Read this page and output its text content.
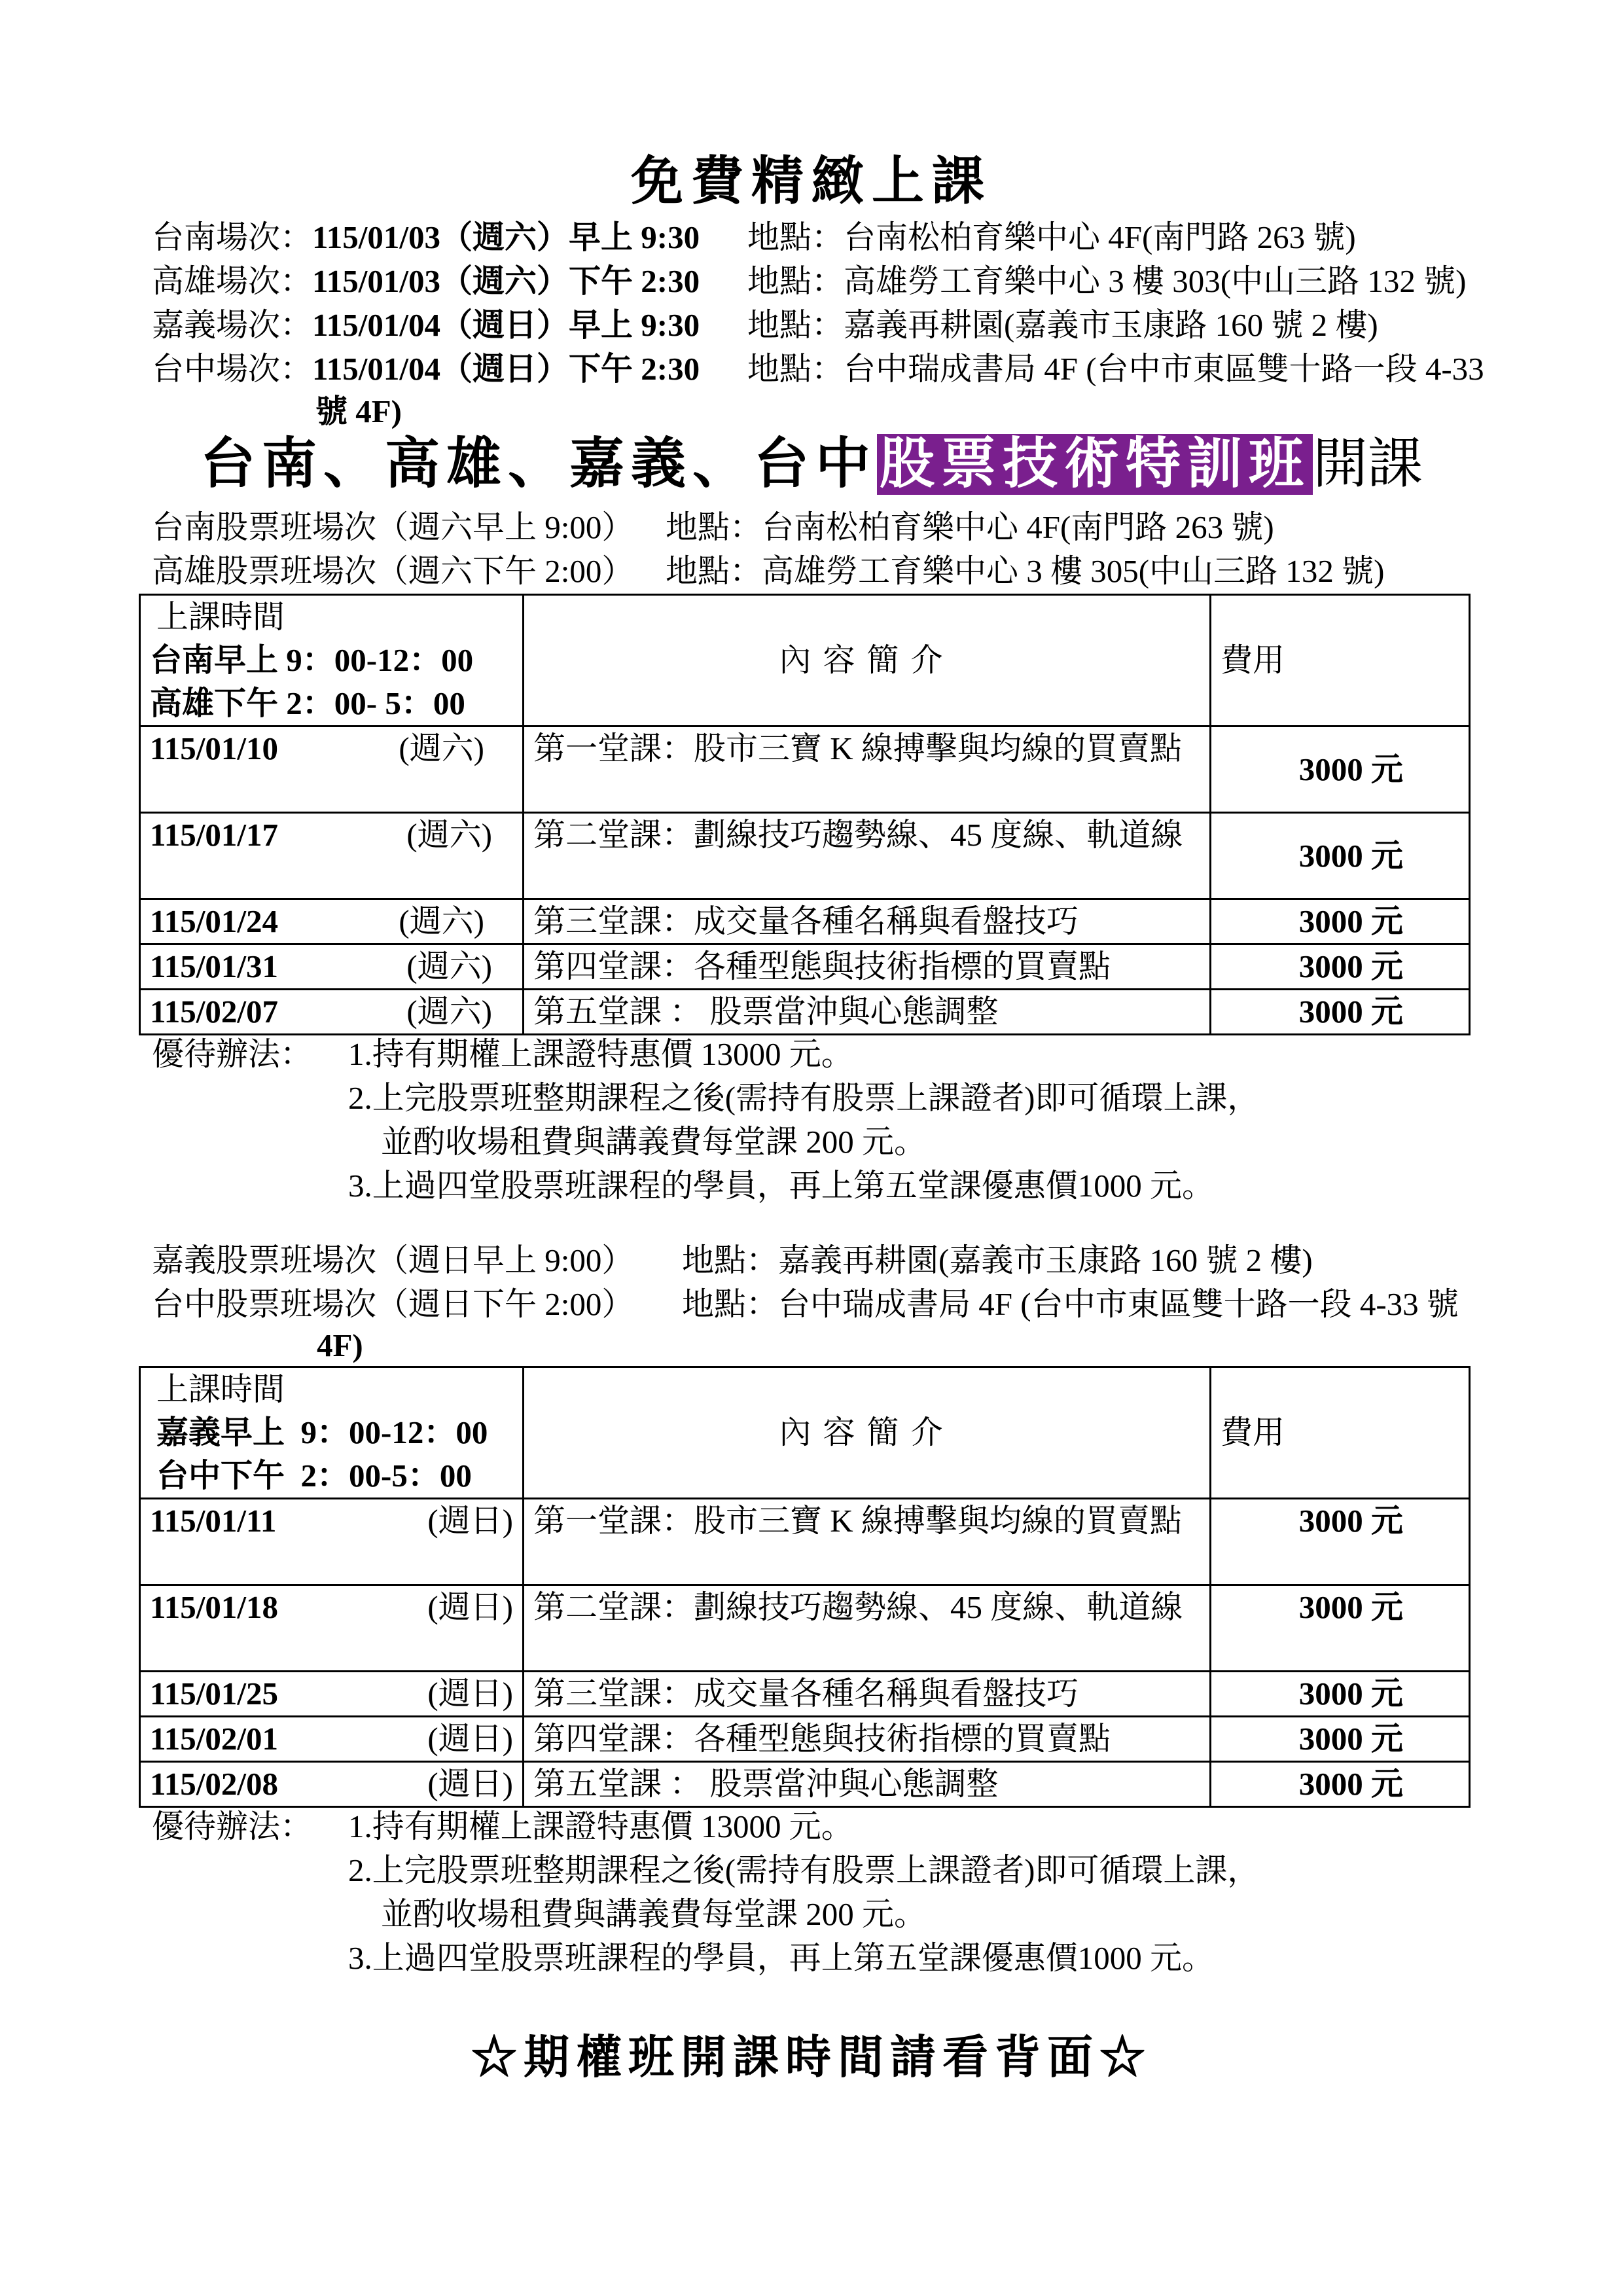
免費精緻上課
台南場次：115/01/03（週六）早上 9:30 地點：台南松柏育樂中心 4F(南門路 263 號)
高雄場次：115/01/03（週六）下午 2:30 地點：高雄勞工育樂中心 3 樓 303(中山三路 132 號)
嘉義場次：115/01/04（週日）早上 9:30 地點：嘉義再耕園(嘉義市玉康路 160 號 2 樓)
台中場次：115/01/04（週日）下午 2:30 地點：台中瑞成書局 4F (台中市東區雙十路一段 4-33
號 4F)
台南、高雄、嘉義、台中股票技術特訓班開課
台南股票班場次（週六早上 9:00） 地點：台南松柏育樂中心 4F(南門路 263 號)
高雄股票班場次（週六下午 2:00） 地點：高雄勞工育樂中心 3 樓 305(中山三路 132 號)
上課時間
台南早上 9：00-12：00
高雄下午 2：00- 5：00	內容簡介	費用
115/01/10 (週六)	第一堂課：股市三寶 K 線搏擊與均線的買賣點	3000 元
115/01/17 (週六)	第二堂課：劃線技巧趨勢線、45 度線、軌道線	3000 元
115/01/24 (週六)	第三堂課：成交量各種名稱與看盤技巧	3000 元
115/01/31 (週六)	第四堂課：各種型態與技術指標的買賣點	3000 元
115/02/07 (週六)	第五堂課 ： 股票當沖與心態調整	3000 元
優待辦法： 1.持有期權上課證特惠價 13000 元。
2.上完股票班整期課程之後(需持有股票上課證者)即可循環上課，
並酌收場租費與講義費每堂課 200 元。
3.上過四堂股票班課程的學員，再上第五堂課優惠價1000 元。
嘉義股票班場次（週日早上 9:00） 地點：嘉義再耕園(嘉義市玉康路 160 號 2 樓)
台中股票班場次（週日下午 2:00） 地點：台中瑞成書局 4F (台中市東區雙十路一段 4-33 號
4F)
上課時間
嘉義早上  9：00-12：00
台中下午  2：00-5：00	內容簡介	費用
115/01/11 (週日)	第一堂課：股市三寶 K 線搏擊與均線的買賣點	3000 元
115/01/18 (週日)	第二堂課：劃線技巧趨勢線、45 度線、軌道線	3000 元
115/01/25 (週日)	第三堂課：成交量各種名稱與看盤技巧	3000 元
115/02/01 (週日)	第四堂課：各種型態與技術指標的買賣點	3000 元
115/02/08 (週日)	第五堂課 ： 股票當沖與心態調整	3000 元
優待辦法： 1.持有期權上課證特惠價 13000 元。
2.上完股票班整期課程之後(需持有股票上課證者)即可循環上課，
並酌收場租費與講義費每堂課 200 元。
3.上過四堂股票班課程的學員，再上第五堂課優惠價1000 元。
☆期權班開課時間請看背面☆
